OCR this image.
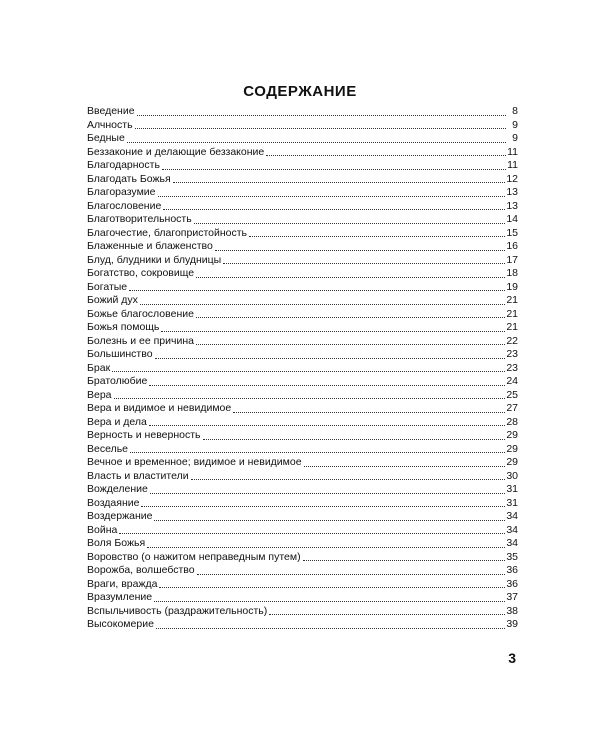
СОДЕРЖАНИЕ
Введение	8
Алчность	9
Бедные	9
Беззаконие и делающие беззаконие	11
Благодарность	11
Благодать Божья	12
Благоразумие	13
Благословение	13
Благотворительность	14
Благочестие, благопристойность	15
Блаженные и блаженство	16
Блуд, блудники и блудницы	17
Богатство, сокровище	18
Богатые	19
Божий дух	21
Божье благословение	21
Божья помощь	21
Болезнь и ее причина	22
Большинство	23
Брак	23
Братолюбие	24
Вера	25
Вера и видимое и невидимое	27
Вера и дела	28
Верность и неверность	29
Веселье	29
Вечное и временное; видимое и невидимое	29
Власть и властители	30
Вожделение	31
Воздаяние	31
Воздержание	34
Война	34
Воля Божья	34
Воровство (о нажитом неправедным путем)	35
Ворожба, волшебство	36
Враги, вражда	36
Вразумление	37
Вспыльчивость (раздражительность)	38
Высокомерие	39
3
